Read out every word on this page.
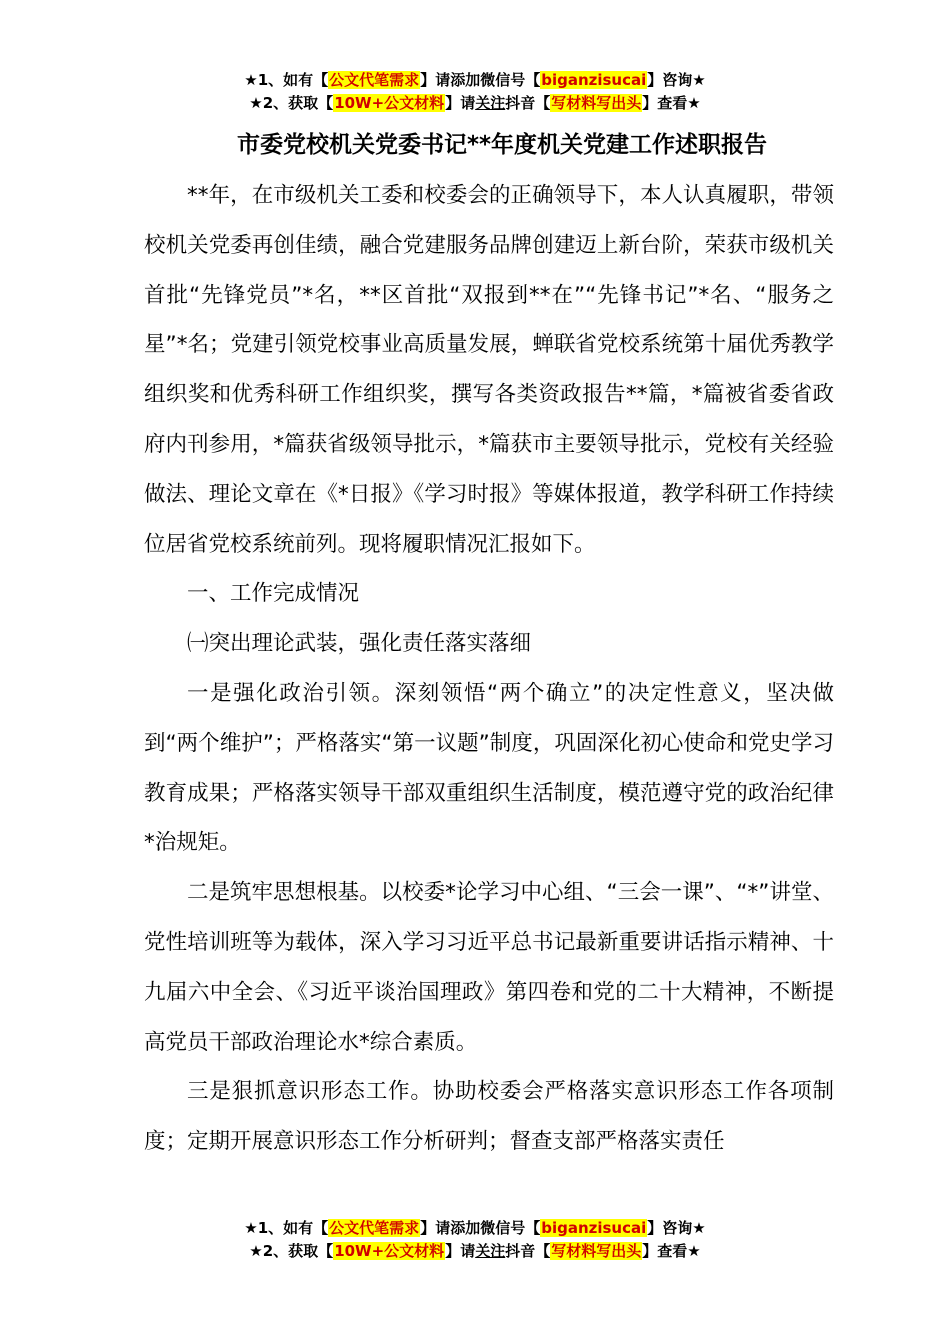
★1、如有【公文代笔需求】请添加微信号【biganzisucai】咨询★
★2、获取【10W+公文材料】请关注抖音【写材料写出头】查看★
市委党校机关党委书记**年度机关党建工作述职报告

**年，在市级机关工委和校委会的正确领导下，本人认真履职，带领校机关党委再创佳绩，融合党建服务品牌创建迈上新台阶，荣获市级机关首批“先锋党员”*名，**区首批“双报到**在”“先锋书记”*名、“服务之星”*名；党建引领党校事业高质量发展，蝉联省党校系统第十届优秀教学组织奖和优秀科研工作组织奖，撰写各类资政报告**篇，*篇被省委省政府内刊参用，*篇获省级领导批示，*篇获市主要领导批示，党校有关经验做法、理论文章在《*日报》《学习时报》等媒体报道，教学科研工作持续位居省党校系统前列。现将履职情况汇报如下。

一、工作完成情况

㈠突出理论武装，强化责任落实落细

一是强化政治引领。深刻领悟“两个确立”的决定性意义，坚决做到“两个维护”；严格落实“第一议题”制度，巩固深化初心使命和党史学习教育成果；严格落实领导干部双重组织生活制度，模范遵守党的政治纪律*治规矩。

二是筑牢思想根基。以校委*论学习中心组、“三会一课”、“*”讲堂、党性培训班等为载体，深入学习习近平总书记最新重要讲话指示精神、十九届六中全会、《习近平谈治国理政》第四卷和党的二十大精神，不断提高党员干部政治理论水*综合素质。

三是狠抓意识形态工作。协助校委会严格落实意识形态工作各项制度；定期开展意识形态工作分析研判；督查支部严格落实责任

★1、如有【公文代笔需求】请添加微信号【biganzisucai】咨询★
★2、获取【10W+公文材料】请关注抖音【写材料写出头】查看★
